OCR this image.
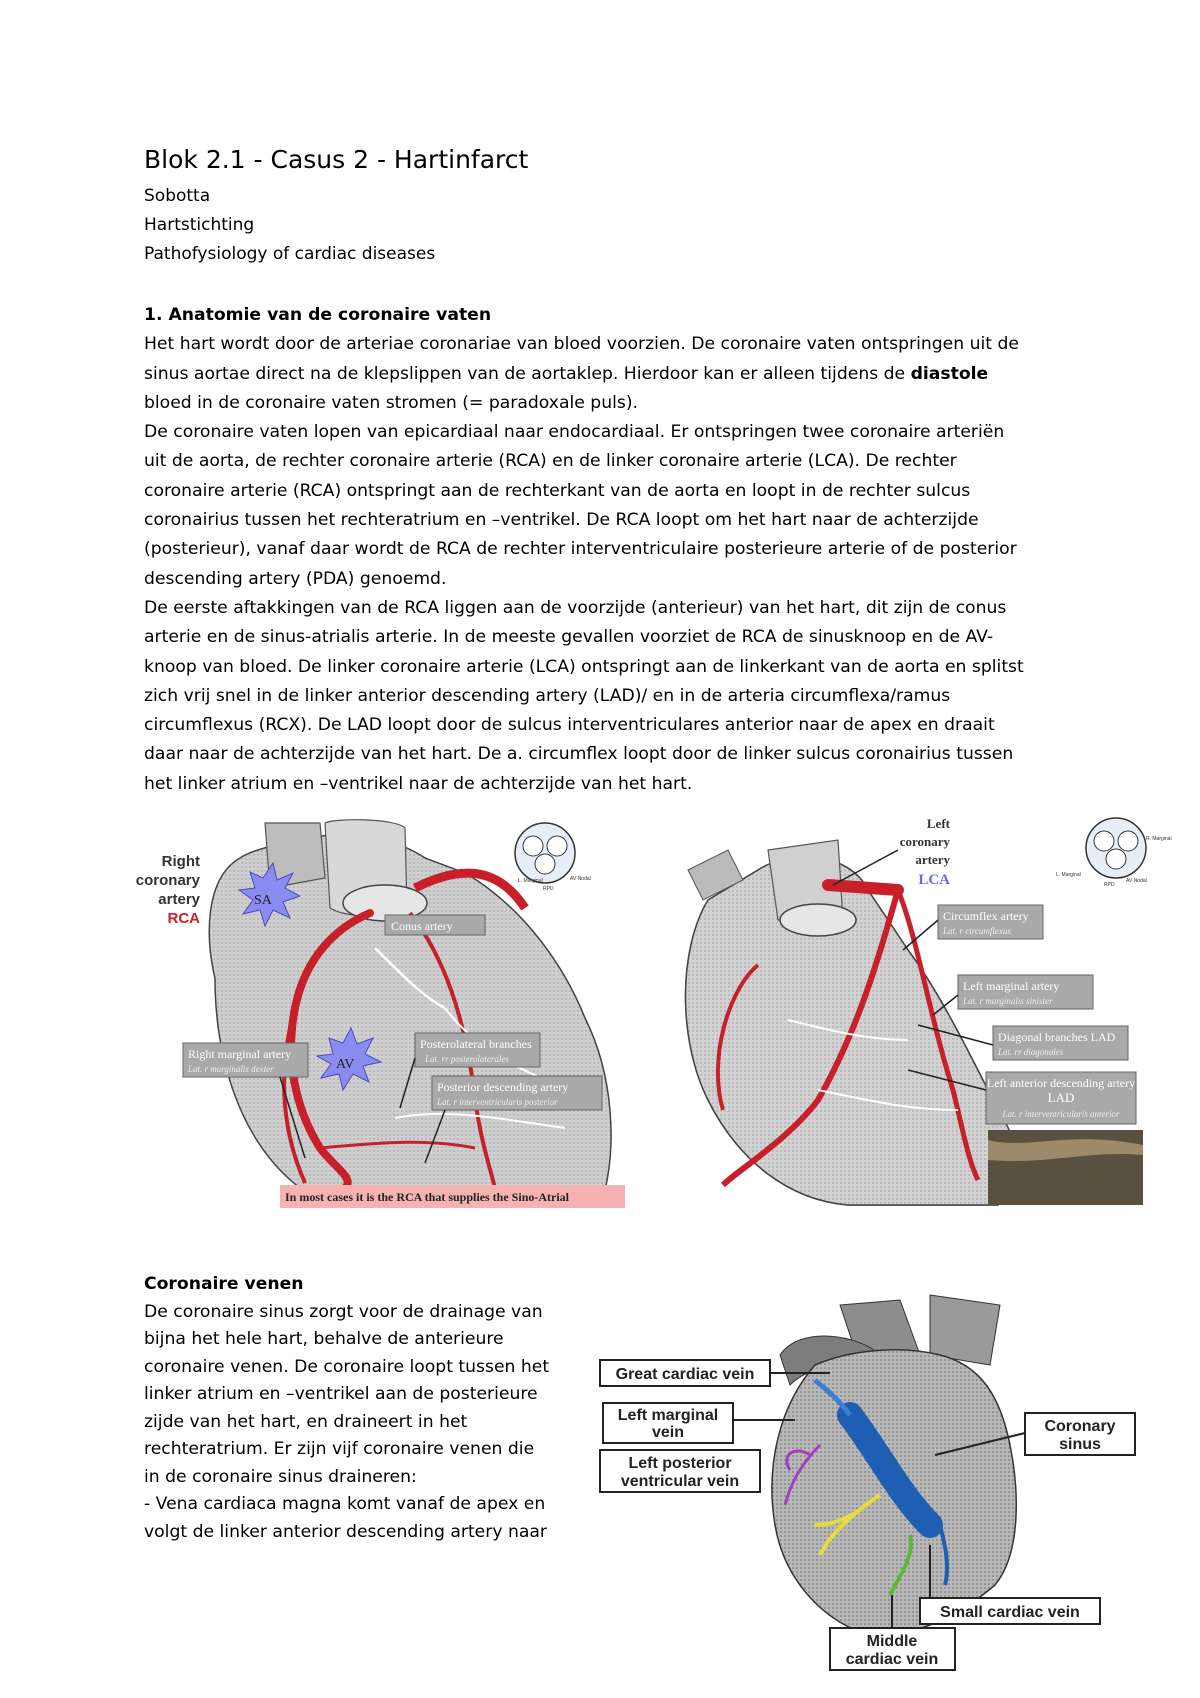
Blok 2.1 - Casus 2 - Hartinfarct
Sobotta
Hartstichting
Pathofysiology of cardiac diseases
1. Anatomie van de coronaire vaten
Het hart wordt door de arteriae coronariae van bloed voorzien. De coronaire vaten ontspringen uit de
sinus aortae direct na de klepslippen van de aortaklep. Hierdoor kan er alleen tijdens de diastole
bloed in de coronaire vaten stromen (= paradoxale puls).
De coronaire vaten lopen van epicardiaal naar endocardiaal. Er ontspringen twee coronaire arteriën
uit de aorta, de rechter coronaire arterie (RCA) en de linker coronaire arterie (LCA). De rechter
coronaire arterie (RCA) ontspringt aan de rechterkant van de aorta en loopt in de rechter sulcus
coronairius tussen het rechteratrium en –ventrikel. De RCA loopt om het hart naar de achterzijde
(posterieur), vanaf daar wordt de RCA de rechter interventriculaire posterieure arterie of de posterior
descending artery (PDA) genoemd.
De eerste aftakkingen van de RCA liggen aan de voorzijde (anterieur) van het hart, dit zijn de conus
arterie en de sinus-atrialis arterie. In de meeste gevallen voorziet de RCA de sinusknoop en de AV-
knoop van bloed. De linker coronaire arterie (LCA) ontspringt aan de linkerkant van de aorta en splitst
zich vrij snel in de linker anterior descending artery (LAD)/ en in de arteria circumflexa/ramus
circumflexus (RCX). De LAD loopt door de sulcus interventriculares anterior naar de apex en draait
daar naar de achterzijde van het hart. De a. circumflex loopt door de linker sulcus coronairius tussen
het linker atrium en –ventrikel naar de achterzijde van het hart.
SA
AV
Right
coronary
artery
RCA	Conus artery
Posterolateral branches
Lat. rr posterolaterales
Right marginal artery
Lat. r marginalis dexter
Posterior descending artery
Lat. r interventricularis posterior
In most cases it is the RCA that supplies the Sino-Atrial
L. Marginal	AV Nodal
RPD
Left
coronary
artery
LCA
Circumflex artery
Lat. r circumflexus
Left marginal artery
Lat. r marginalis sinister
Diagonal branches LAD
Lat. rr diagonales
Left anterior descending artery
LAD
Lat. r interventricularis anterior
R. Marginal
L. Marginal
AV Nodal
RPD
Coronaire venen
De coronaire sinus zorgt voor de drainage van
bijna het hele hart, behalve de anterieure
coronaire venen. De coronaire loopt tussen het
linker atrium en –ventrikel aan de posterieure
zijde van het hart, en draineert in het
rechteratrium. Er zijn vijf coronaire venen die
in de coronaire sinus draineren:
- Vena cardiaca magna komt vanaf de apex en
volgt de linker anterior descending artery naar
Great cardiac vein
Left marginal
vein
Left posterior
ventricular vein
Coronary
sinus
Small cardiac vein
Middle
cardiac vein
